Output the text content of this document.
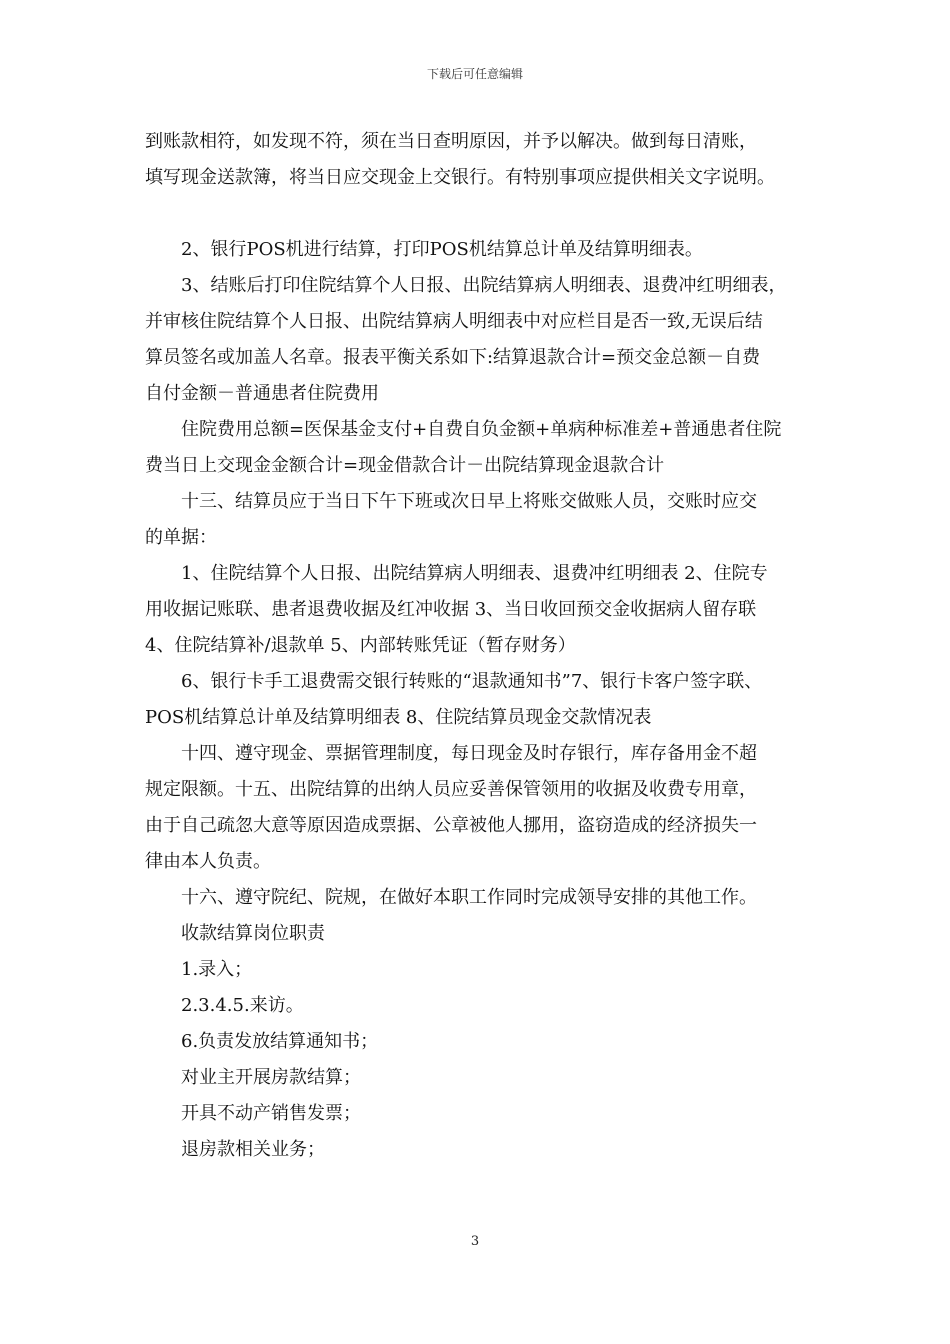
下载后可任意编辑
到账款相符，如发现不符，须在当日查明原因，并予以解决。做到每日清账，
填写现金送款簿，将当日应交现金上交银行。有特别事项应提供相关文字说明。
2、银行POS机进行结算，打印POS机结算总计单及结算明细表。
3、结账后打印住院结算个人日报、出院结算病人明细表、退费冲红明细表，
并审核住院结算个人日报、出院结算病人明细表中对应栏目是否一致,无误后结
算员签名或加盖人名章。报表平衡关系如下:结算退款合计=预交金总额－自费
自付金额－普通患者住院费用
住院费用总额=医保基金支付+自费自负金额+单病种标准差+普通患者住院
费当日上交现金金额合计=现金借款合计－出院结算现金退款合计
十三、结算员应于当日下午下班或次日早上将账交做账人员，交账时应交
的单据：
1、住院结算个人日报、出院结算病人明细表、退费冲红明细表 2、住院专
用收据记账联、患者退费收据及红冲收据 3、当日收回预交金收据病人留存联
4、住院结算补/退款单 5、内部转账凭证（暂存财务）
6、银行卡手工退费需交银行转账的“退款通知书”7、银行卡客户签字联、
POS机结算总计单及结算明细表 8、住院结算员现金交款情况表
十四、遵守现金、票据管理制度，每日现金及时存银行，库存备用金不超
规定限额。十五、出院结算的出纳人员应妥善保管领用的收据及收费专用章，
由于自己疏忽大意等原因造成票据、公章被他人挪用，盗窃造成的经济损失一
律由本人负责。
十六、遵守院纪、院规，在做好本职工作同时完成领导安排的其他工作。
收款结算岗位职责
1.录入；
2.3.4.5.来访。
6.负责发放结算通知书；
对业主开展房款结算；
开具不动产销售发票；
退房款相关业务；
3
